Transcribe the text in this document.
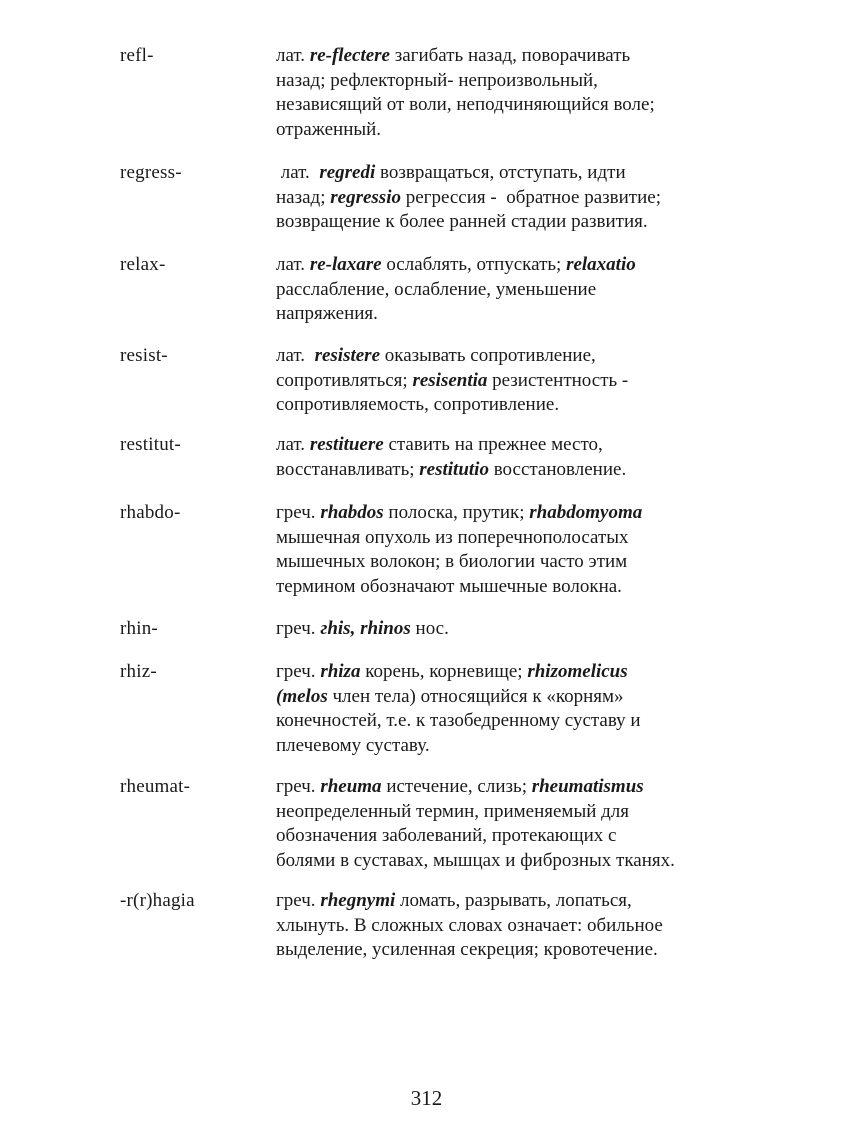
refl-	лат. re-flectere загибать назад, поворачивать
назад; рефлекторный- непроизвольный,
независящий от воли, неподчиняющийся воле;
отраженный.
regress-	лат.  regredi возвращаться, отступать, идти
назад; regressio регрессия -  обратное развитие;
возвращение к более ранней стадии развития.
relax-	лат. re-laxare ослаблять, отпускать; relaxatio
расслабление, ослабление, уменьшение
напряжения.
resist-	лат.  resistere оказывать сопротивление,
сопротивляться; resisentia резистентность -
сопротивляемость, сопротивление.
restitut-	лат. restituere ставить на прежнее место,
восстанавливать; restitutio восстановление.
rhabdo-	греч. rhabdos полоска, прутик; rhabdomyoma
мышечная опухоль из поперечнополосатых
мышечных волокон; в биологии часто этим
термином обозначают мышечные волокна.
rhin-	греч. гhis, rhinos нос.
rhiz-	греч. rhiza корень, корневище; rhizomelicus
(melos член тела) относящийся к «корням»
конечностей, т.е. к тазобедренному суставу и
плечевому суставу.
rheumat-	греч. rheuma истечение, слизь; rheumatismus
неопределенный термин, применяемый для
обозначения заболеваний, протекающих с
болями в суставах, мышцах и фиброзных тканях.
-r(r)hagia	греч. rhegnymi ломать, разрывать, лопаться,
хлынуть. В сложных словах означает: обильное
выделение, усиленная секреция; кровотечение.
312
